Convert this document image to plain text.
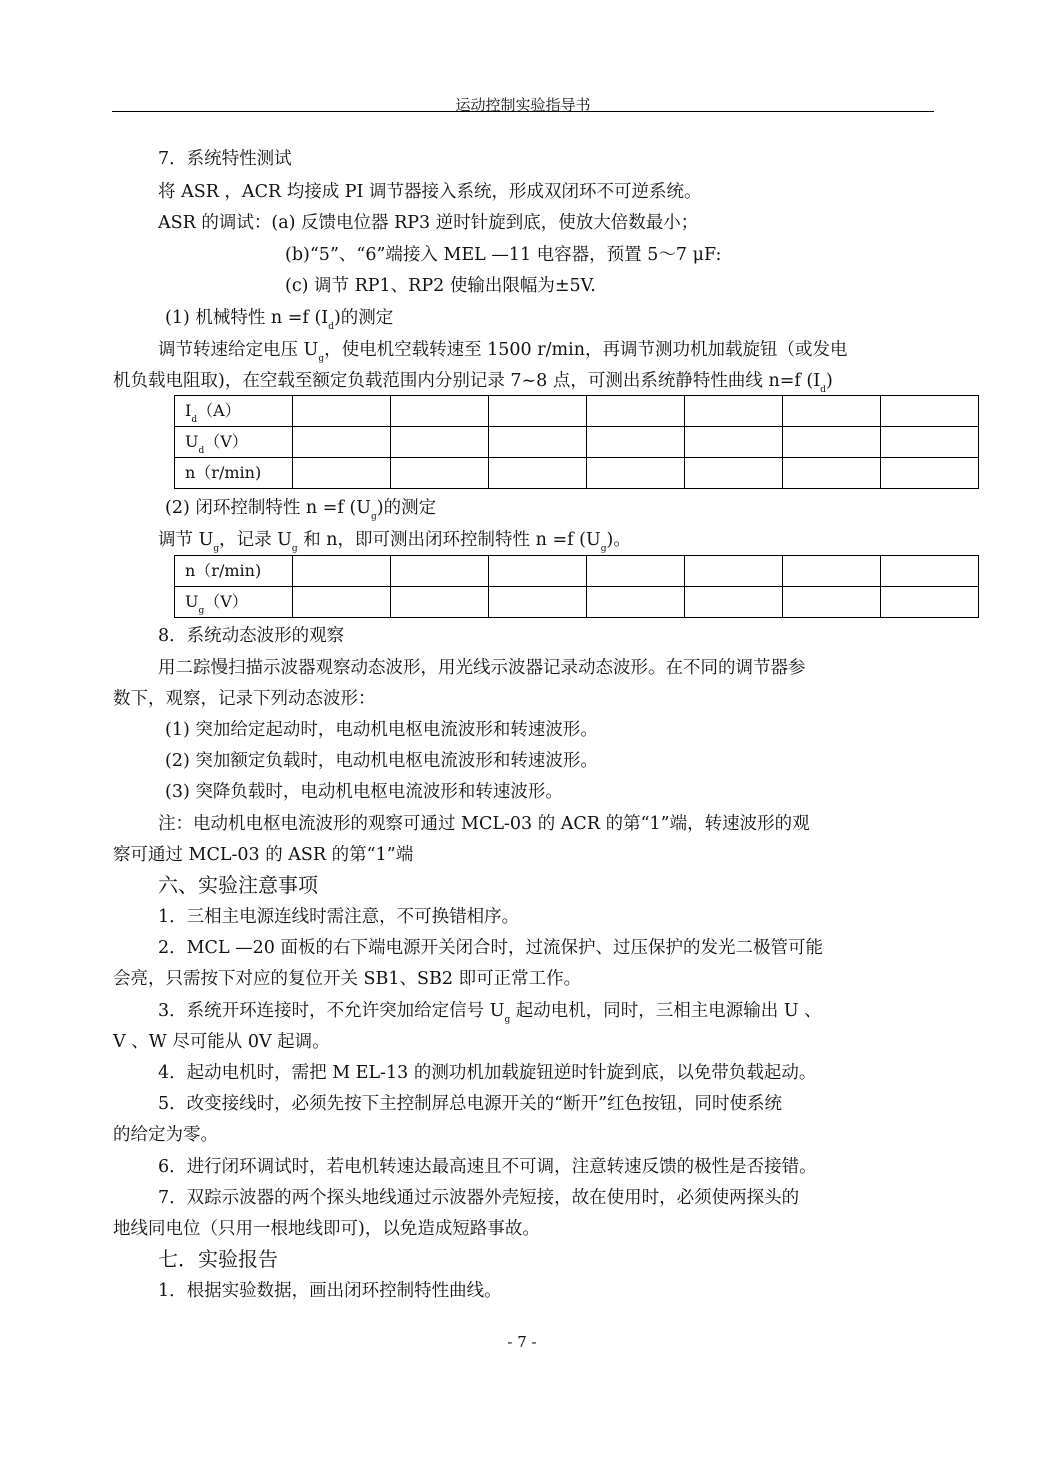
运动控制实验指导书
7．系统特性测试
将 ASR ，ACR 均接成 PI 调节器接入系统，形成双闭环不可逆系统。
ASR 的调试：(a) 反馈电位器 RP3 逆时针旋到底，使放大倍数最小；
(b)“5”、“6”端接入 MEL —11 电容器，预置 5～7 μF:
(c) 调节 RP1、RP2 使输出限幅为±5V.
(1) 机械特性 n =f $(I_d)$的测定
调节转速给定电压 $U_g$，使电机空载转速至 1500 r/min，再调节测功机加载旋钮（或发电
机负载电阻取)，在空载至额定负载范围内分别记录 7~8 点，可测出系统静特性曲线 n=f $(I_d)$
$I_d(A)$							
$U_d(V)$							
n（r/min)							
(2) 闭环控制特性 n =f $(U_g)$的测定
调节 $U_g$，记录 $U_g$ 和 n，即可测出闭环控制特性 n =f $(U_g)$。
n（r/min)							
$U_g(V)$							
8．系统动态波形的观察
用二踪慢扫描示波器观察动态波形，用光线示波器记录动态波形。在不同的调节器参
数下，观察，记录下列动态波形：
(1) 突加给定起动时，电动机电枢电流波形和转速波形。
(2) 突加额定负载时，电动机电枢电流波形和转速波形。
(3) 突降负载时，电动机电枢电流波形和转速波形。
注：电动机电枢电流波形的观察可通过 MCL-03 的 ACR 的第“1”端，转速波形的观
察可通过 MCL-03 的 ASR 的第“1”端
六、实验注意事项
1．三相主电源连线时需注意，不可换错相序。
2．MCL —20 面板的右下端电源开关闭合时，过流保护、过压保护的发光二极管可能
会亮，只需按下对应的复位开关 SB1、SB2 即可正常工作。
3．系统开环连接时，不允许突加给定信号 $U_g$ 起动电机，同时，三相主电源输出 U 、
V 、W 尽可能从 0V 起调。
4．起动电机时，需把 M EL-13 的测功机加载旋钮逆时针旋到底，以免带负载起动。
5．改变接线时，必须先按下主控制屏总电源开关的“断开”红色按钮，同时使系统
的给定为零。
6．进行闭环调试时，若电机转速达最高速且不可调，注意转速反馈的极性是否接错。
7．双踪示波器的两个探头地线通过示波器外壳短接，故在使用时，必须使两探头的
地线同电位（只用一根地线即可)，以免造成短路事故。
七．实验报告
1．根据实验数据，画出闭环控制特性曲线。
- 7 -
